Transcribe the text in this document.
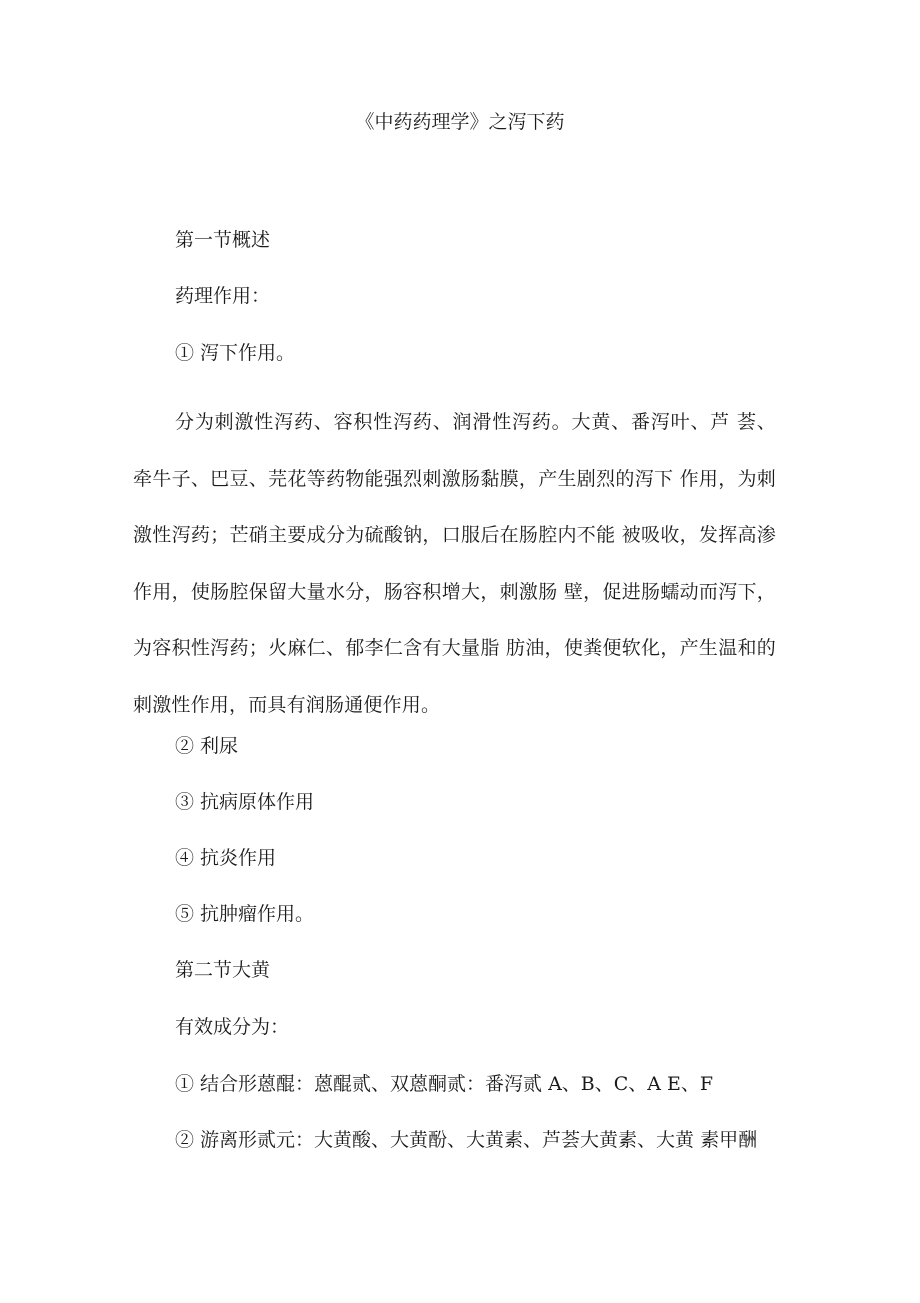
《中药药理学》之泻下药
第一节概述
药理作用：
① 泻下作用。

分为刺激性泻药、容积性泻药、润滑性泻药。大黄、番泻叶、芦 荟、牵牛子、巴豆、芫花等药物能强烈刺激肠黏膜，产生剧烈的泻下 作用，为刺激性泻药；芒硝主要成分为硫酸钠，口服后在肠腔内不能 被吸收，发挥高渗作用，使肠腔保留大量水分，肠容积增大，刺激肠 壁，促进肠蠕动而泻下，为容积性泻药；火麻仁、郁李仁含有大量脂 肪油，使粪便软化，产生温和的刺激性作用，而具有润肠通便作用。

② 利尿
③ 抗病原体作用
④ 抗炎作用
⑤ 抗肿瘤作用。
第二节大黄
有效成分为：
① 结合形蒽醌：蒽醌贰、双蒽酮贰：番泻贰 A、B、C、A E、F
② 游离形贰元：大黄酸、大黄酚、大黄素、芦荟大黄素、大黄 素甲酬
